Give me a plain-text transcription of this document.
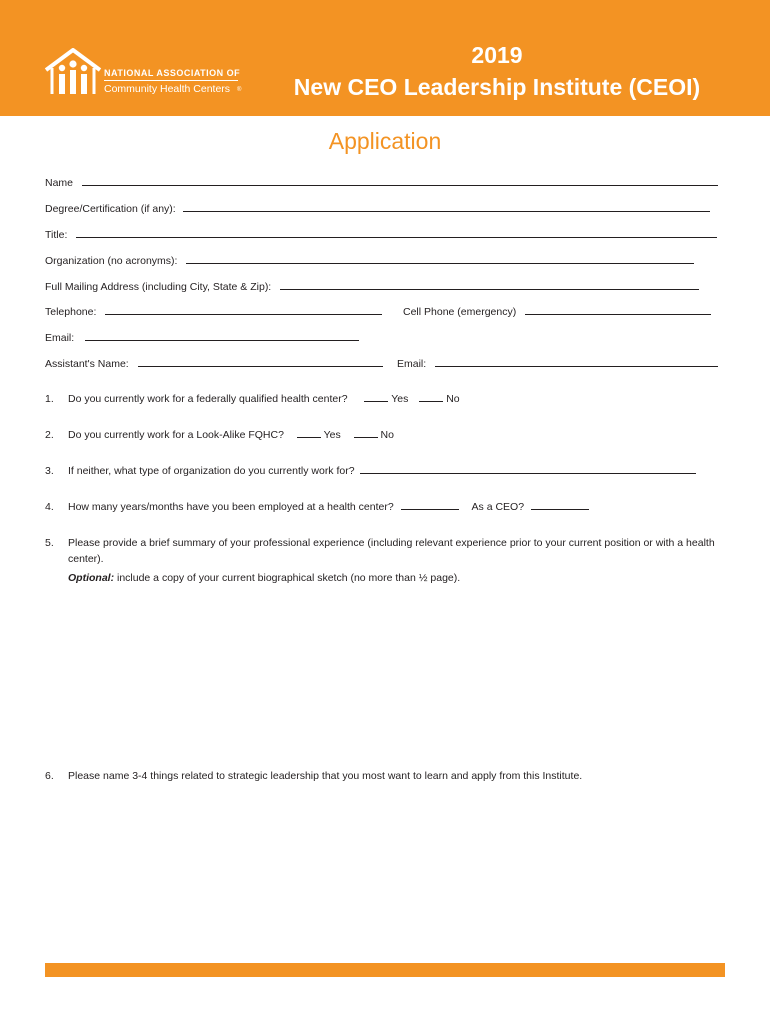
NATIONAL ASSOCIATION OF
Community Health Centers ®
2019
New CEO Leadership Institute (CEOI)
Application
Name
Degree/Certification (if any):
Title:
Organization (no acronyms):
Full Mailing Address (including City, State & Zip):
Telephone:	Cell Phone (emergency)
Email:
Assistant's Name:	Email:
1. Do you currently work for a federally qualified health center?	Yes	No
2. Do you currently work for a Look-Alike FQHC?	Yes	No
3. If neither, what type of organization do you currently work for?
4. How many years/months have you been employed at a health center?	As a CEO?
5. Please provide a brief summary of your professional experience (including relevant experience prior to your current position or with a health center).
Optional: include a copy of your current biographical sketch (no more than ½ page).
6. Please name 3-4 things related to strategic leadership that you most want to learn and apply from this Institute.
